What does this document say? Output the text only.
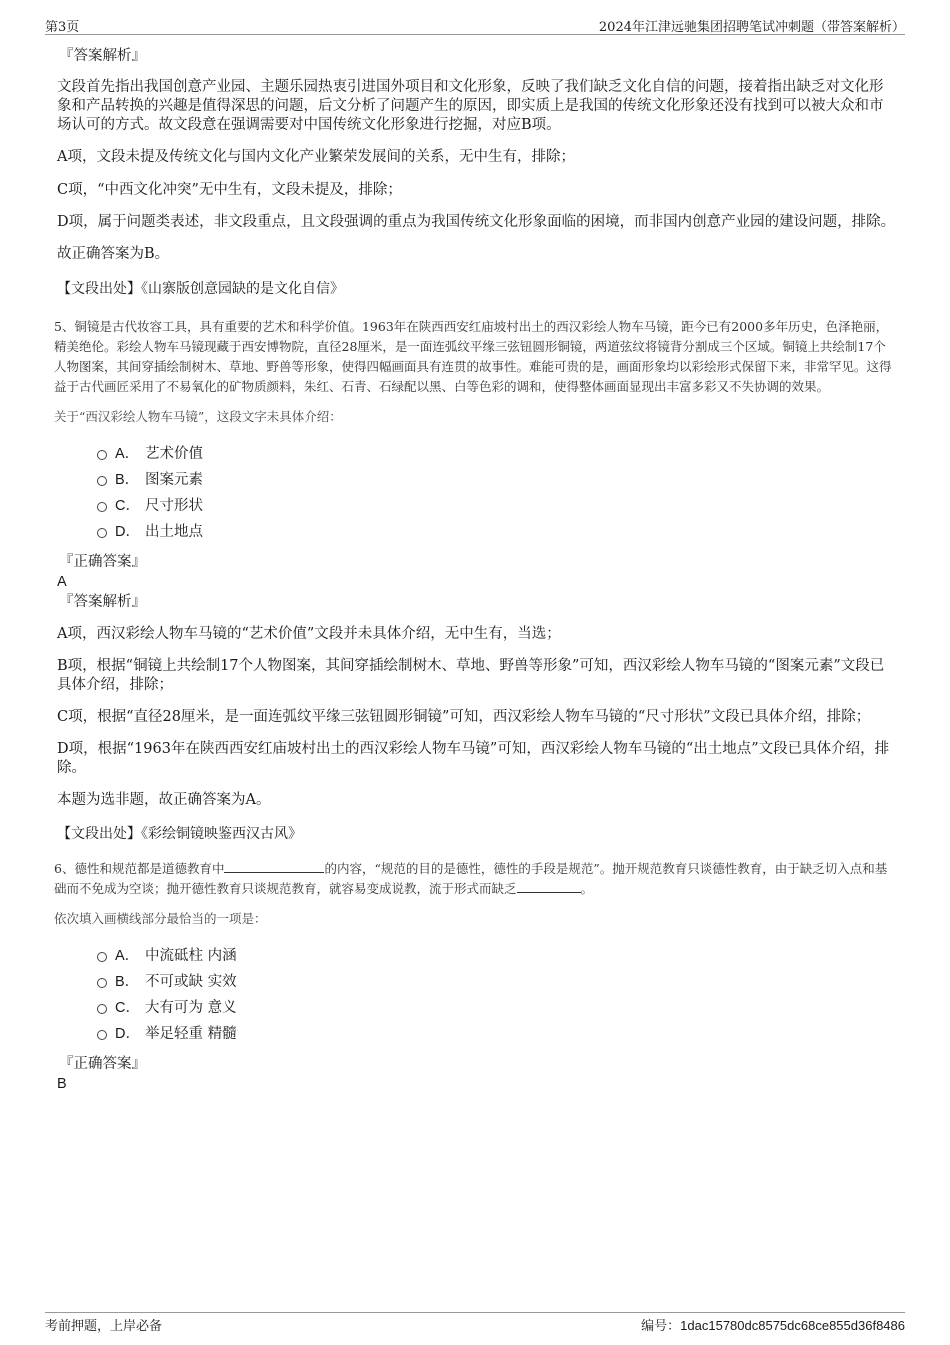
第3页	2024年江津远驰集团招聘笔试冲刺题（带答案解析）
『答案解析』

文段首先指出我国创意产业园、主题乐园热衷引进国外项目和文化形象，反映了我们缺乏文化自信的问题，接着指出缺乏对文化形象和产品转换的兴趣是值得深思的问题，后文分析了问题产生的原因，即实质上是我国的传统文化形象还没有找到可以被大众和市场认可的方式。故文段意在强调需要对中国传统文化形象进行挖掘，对应B项。

A项，文段未提及传统文化与国内文化产业繁荣发展间的关系，无中生有，排除；

C项，“中西文化冲突”无中生有，文段未提及，排除；

D项，属于问题类表述，非文段重点，且文段强调的重点为我国传统文化形象面临的困境，而非国内创意产业园的建设问题，排除。

故正确答案为B。

【文段出处】《山寨版创意园缺的是文化自信》

5、铜镜是古代妆容工具，具有重要的艺术和科学价值。1963年在陕西西安红庙坡村出土的西汉彩绘人物车马镜，距今已有2000多年历史，色泽艳丽，精美绝伦。彩绘人物车马镜现藏于西安博物院，直径28厘米，是一面连弧纹平缘三弦钮圆形铜镜，两道弦纹将镜背分割成三个区域。铜镜上共绘制17个人物图案，其间穿插绘制树木、草地、野兽等形象，使得四幅画面具有连贯的故事性。难能可贵的是，画面形象均以彩绘形式保留下来，非常罕见。这得益于古代画匠采用了不易氧化的矿物质颜料，朱红、石青、石绿配以黑、白等色彩的调和，使得整体画面显现出丰富多彩又不失协调的效果。

关于“西汉彩绘人物车马镜”，这段文字未具体介绍：

A． 艺术价值
B． 图案元素
C． 尺寸形状
D． 出土地点
『正确答案』
A
『答案解析』

A项，西汉彩绘人物车马镜的“艺术价值”文段并未具体介绍，无中生有，当选；

B项，根据“铜镜上共绘制17个人物图案，其间穿插绘制树木、草地、野兽等形象”可知，西汉彩绘人物车马镜的“图案元素”文段已具体介绍，排除；

C项，根据“直径28厘米，是一面连弧纹平缘三弦钮圆形铜镜”可知，西汉彩绘人物车马镜的“尺寸形状”文段已具体介绍，排除；

D项，根据“1963年在陕西西安红庙坡村出土的西汉彩绘人物车马镜”可知，西汉彩绘人物车马镜的“出土地点”文段已具体介绍，排除。

本题为选非题，故正确答案为A。

【文段出处】《彩绘铜镜映鉴西汉古风》

6、德性和规范都是道德教育中	的内容，“规范的目的是德性，德性的手段是规范”。抛开规范教育只谈德性教育，由于缺乏切入点和基础而不免成为空谈；抛开德性教育只谈规范教育，就容易变成说教，流于形式而缺乏	。

依次填入画横线部分最恰当的一项是：

A． 中流砥柱 内涵
B． 不可或缺 实效
C． 大有可为 意义
D． 举足轻重 精髓
『正确答案』
B
考前押题，上岸必备	编号：1dac15780dc8575dc68ce855d36f8486
